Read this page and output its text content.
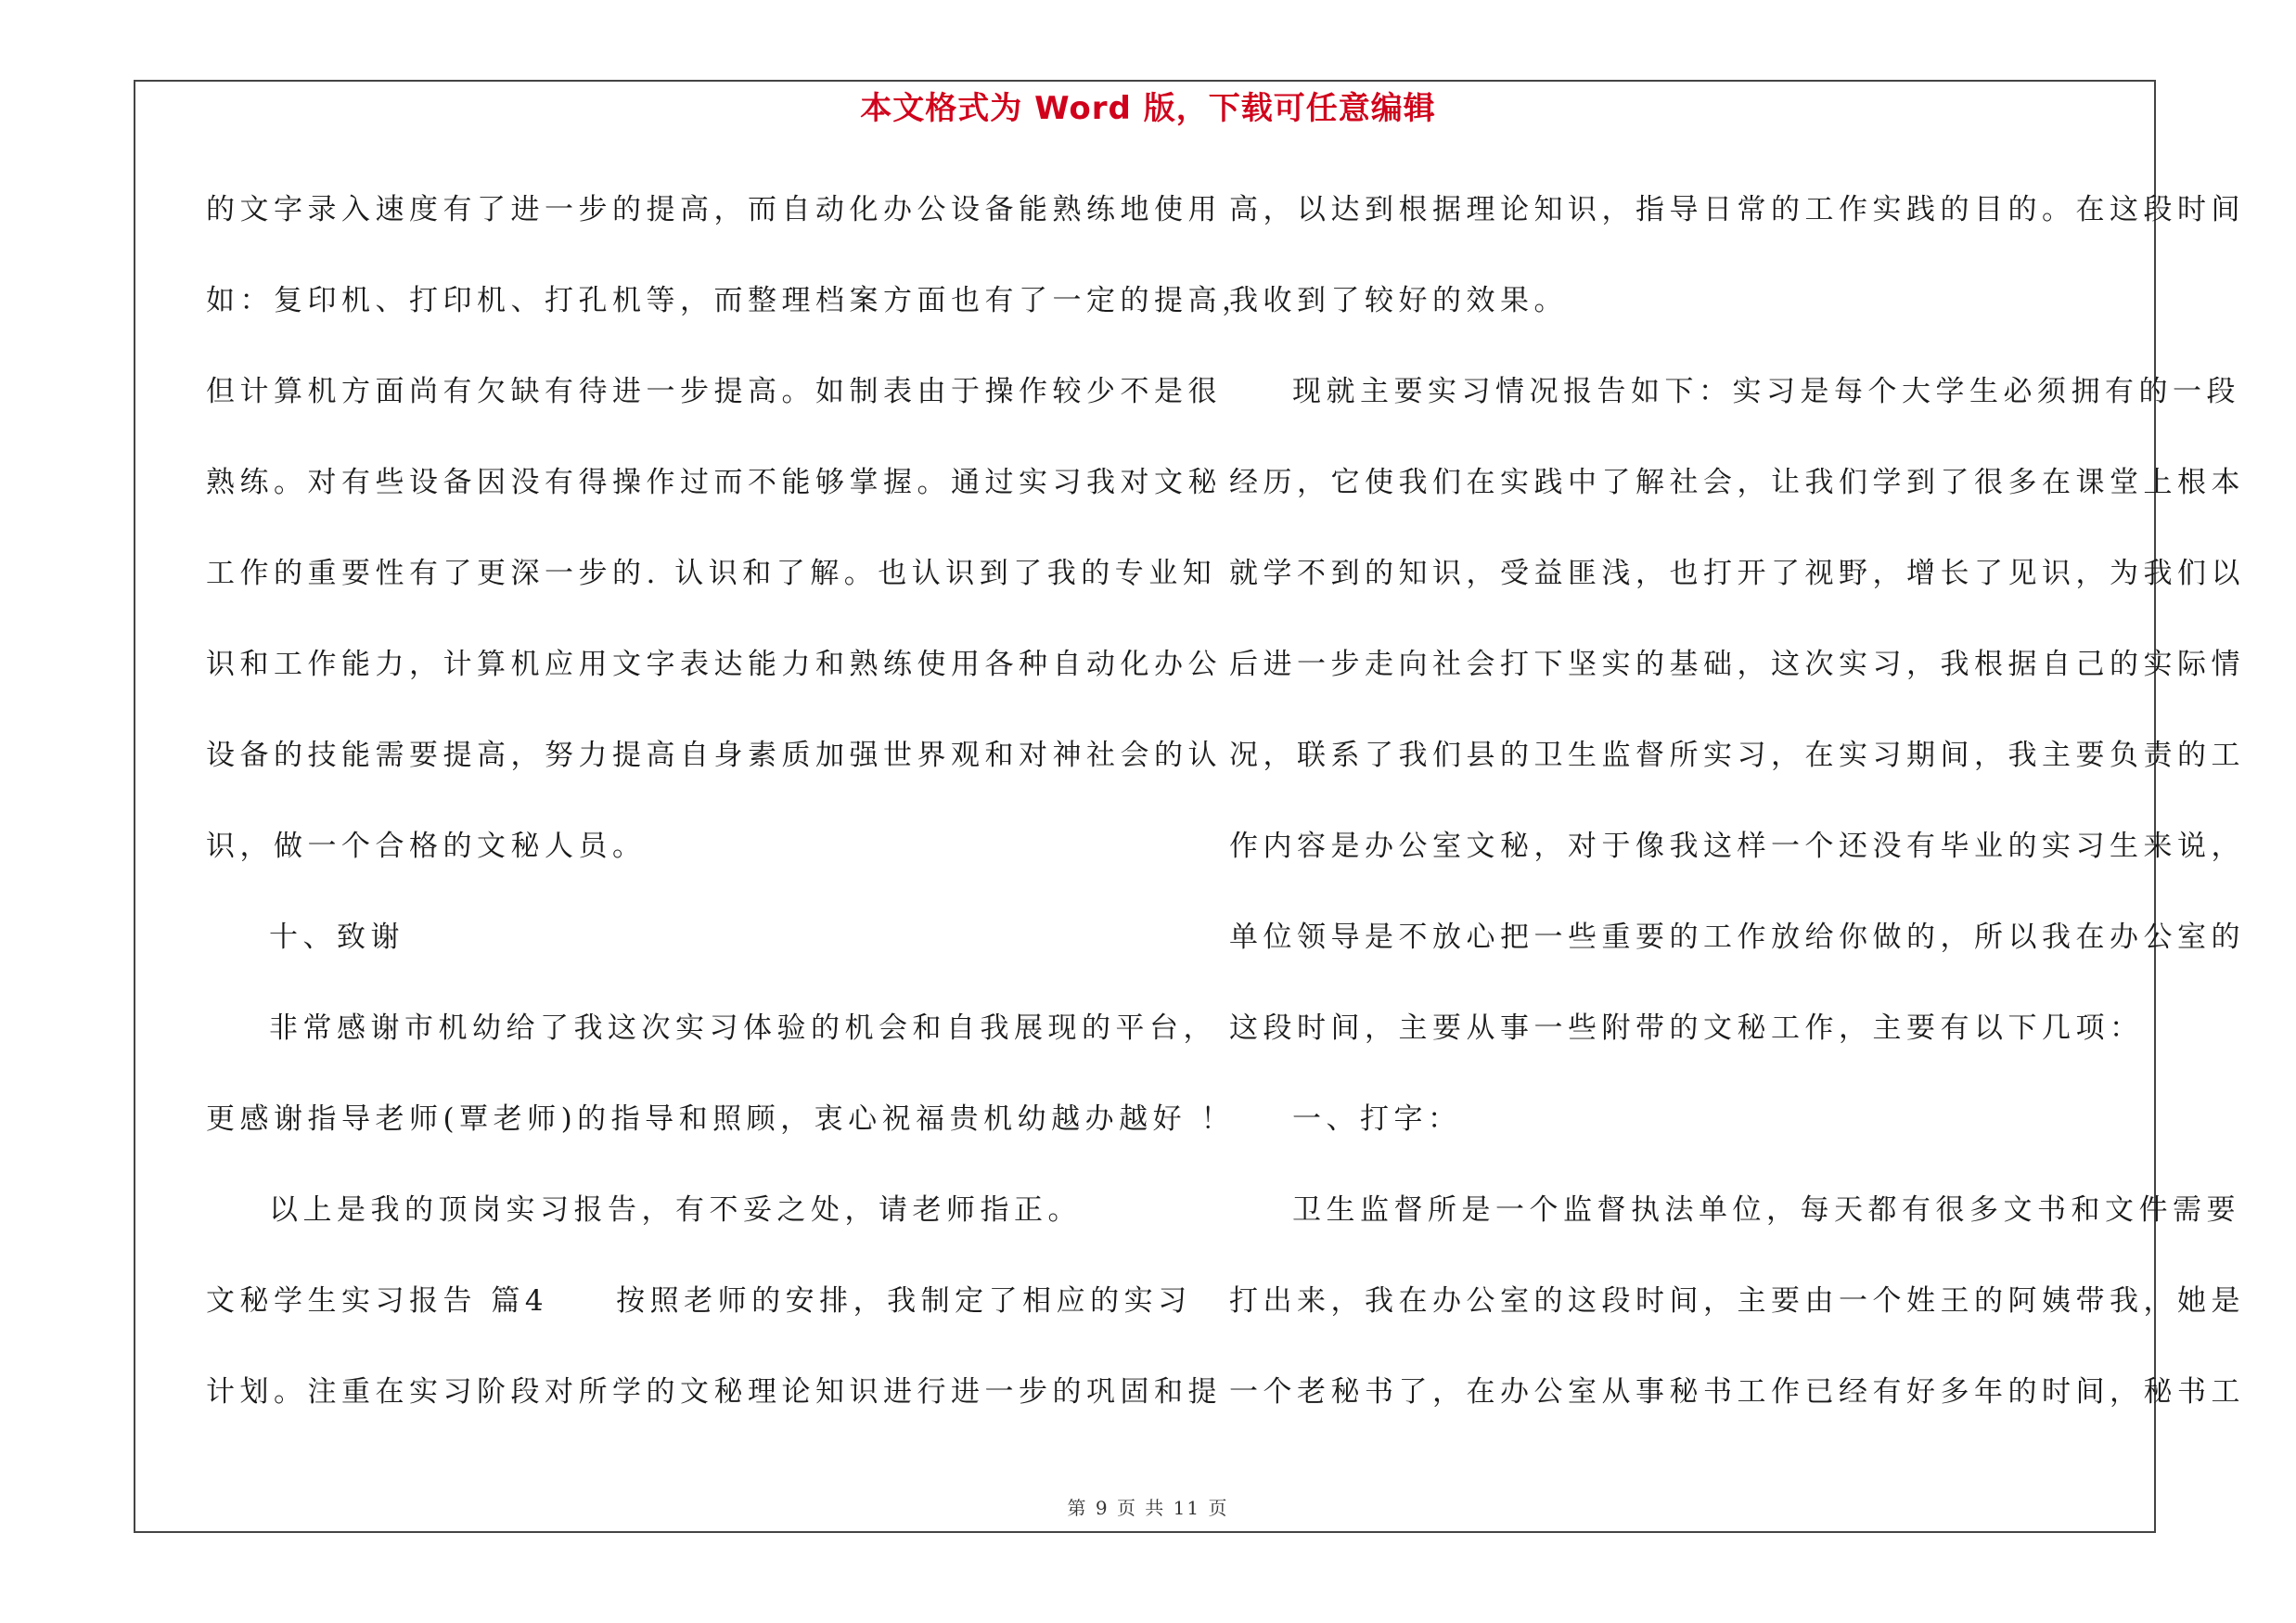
本文格式为 Word 版，下载可任意编辑
的文字录入速度有了进一步的提高，而自动化办公设备能熟练地使用
如：复印机、打印机、打孔机等，而整理档案方面也有了一定的提高，
但计算机方面尚有欠缺有待进一步提高。如制表由于操作较少不是很
熟练。对有些设备因没有得操作过而不能够掌握。通过实习我对文秘
工作的重要性有了更深一步的. 认识和了解。也认识到了我的专业知
识和工作能力，计算机应用文字表达能力和熟练使用各种自动化办公
设备的技能需要提高，努力提高自身素质加强世界观和对神社会的认
识，做一个合格的文秘人员。
十、致谢
非常感谢市机幼给了我这次实习体验的机会和自我展现的平台，
更感谢指导老师(覃老师)的指导和照顾，衷心祝福贵机幼越办越好 ！
以上是我的顶岗实习报告，有不妥之处，请老师指正。
文秘学生实习报告 篇4　　按照老师的安排，我制定了相应的实习
计划。注重在实习阶段对所学的文秘理论知识进行进一步的巩固和提
高，以达到根据理论知识，指导日常的工作实践的目的。在这段时间
我收到了较好的效果。
现就主要实习情况报告如下：实习是每个大学生必须拥有的一段
经历，它使我们在实践中了解社会，让我们学到了很多在课堂上根本
就学不到的知识，受益匪浅，也打开了视野，增长了见识，为我们以
后进一步走向社会打下坚实的基础，这次实习，我根据自己的实际情
况，联系了我们县的卫生监督所实习，在实习期间，我主要负责的工
作内容是办公室文秘，对于像我这样一个还没有毕业的实习生来说，
单位领导是不放心把一些重要的工作放给你做的，所以我在办公室的
这段时间，主要从事一些附带的文秘工作，主要有以下几项：
一、打字：
卫生监督所是一个监督执法单位，每天都有很多文书和文件需要
打出来，我在办公室的这段时间，主要由一个姓王的阿姨带我，她是
一个老秘书了，在办公室从事秘书工作已经有好多年的时间，秘书工
第 9 页 共 11 页
